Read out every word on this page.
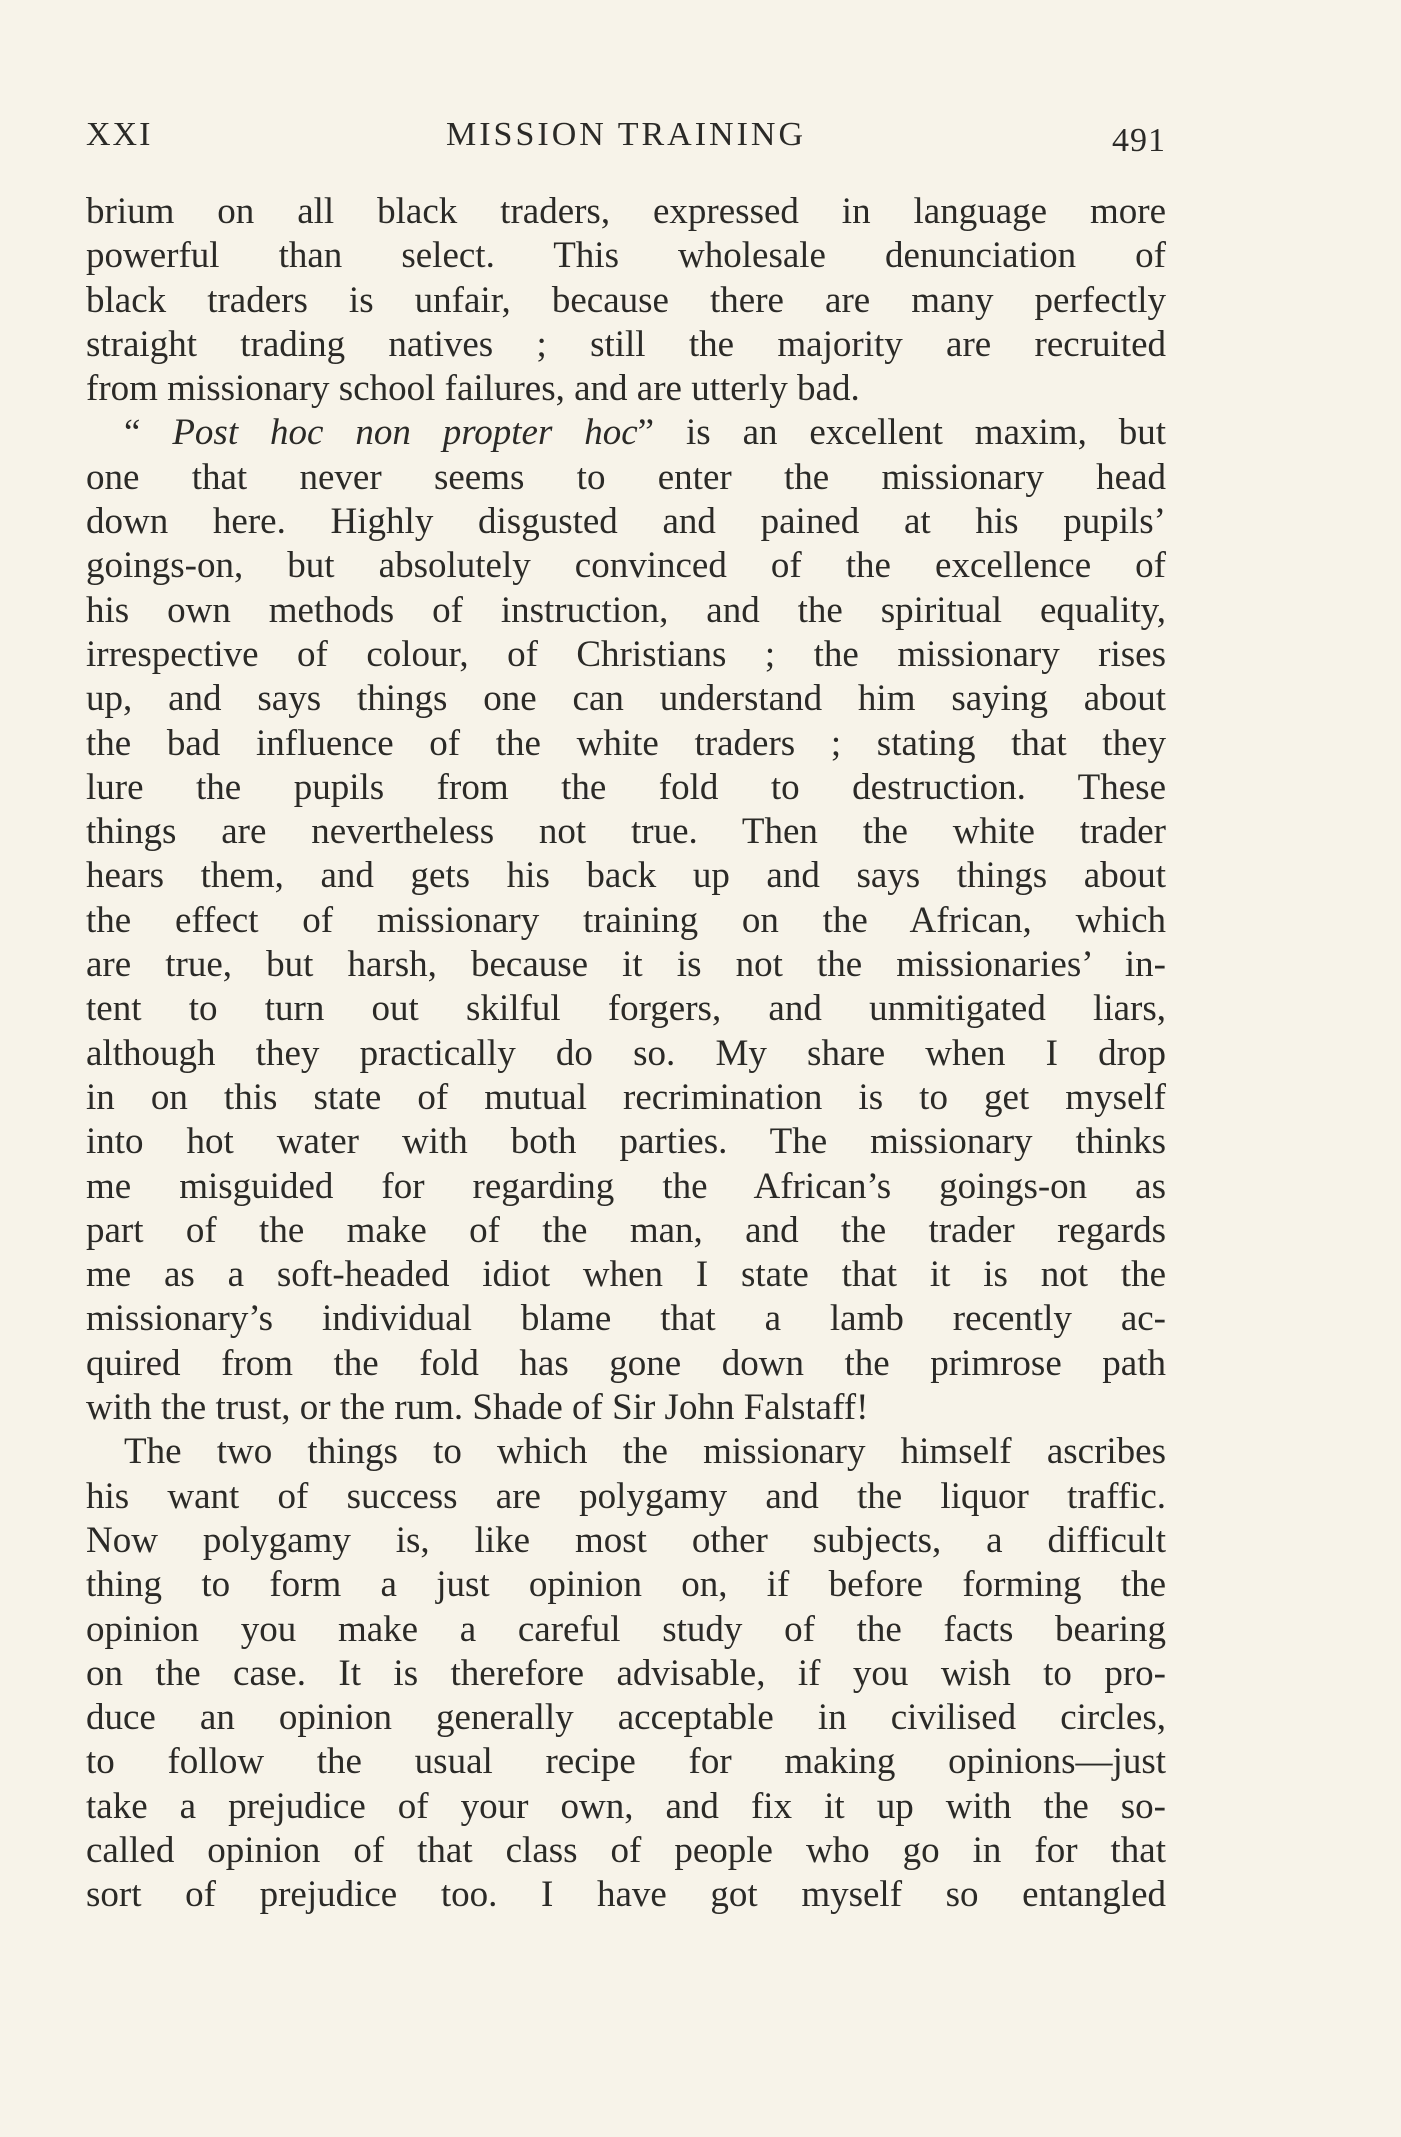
XXI	MISSION TRAINING	491
brium on all black traders, expressed in language more
powerful than select. This wholesale denunciation of
black traders is unfair, because there are many perfectly
straight trading natives ; still the majority are recruited
from missionary school failures, and are utterly bad.
“ Post hoc non propter hoc” is an excellent maxim, but
one that never seems to enter the missionary head
down here. Highly disgusted and pained at his pupils’
goings-on, but absolutely convinced of the excellence of
his own methods of instruction, and the spiritual equality,
irrespective of colour, of Christians ; the missionary rises
up, and says things one can understand him saying about
the bad influence of the white traders ; stating that they
lure the pupils from the fold to destruction. These
things are nevertheless not true. Then the white trader
hears them, and gets his back up and says things about
the effect of missionary training on the African, which
are true, but harsh, because it is not the missionaries’ in-
tent to turn out skilful forgers, and unmitigated liars,
although they practically do so. My share when I drop
in on this state of mutual recrimination is to get myself
into hot water with both parties. The missionary thinks
me misguided for regarding the African’s goings-on as
part of the make of the man, and the trader regards
me as a soft-headed idiot when I state that it is not the
missionary’s individual blame that a lamb recently ac-
quired from the fold has gone down the primrose path
with the trust, or the rum. Shade of Sir John Falstaff!
The two things to which the missionary himself ascribes
his want of success are polygamy and the liquor traffic.
Now polygamy is, like most other subjects, a difficult
thing to form a just opinion on, if before forming the
opinion you make a careful study of the facts bearing
on the case. It is therefore advisable, if you wish to pro-
duce an opinion generally acceptable in civilised circles,
to follow the usual recipe for making opinions—just
take a prejudice of your own, and fix it up with the so-
called opinion of that class of people who go in for that
sort of prejudice too. I have got myself so entangled
